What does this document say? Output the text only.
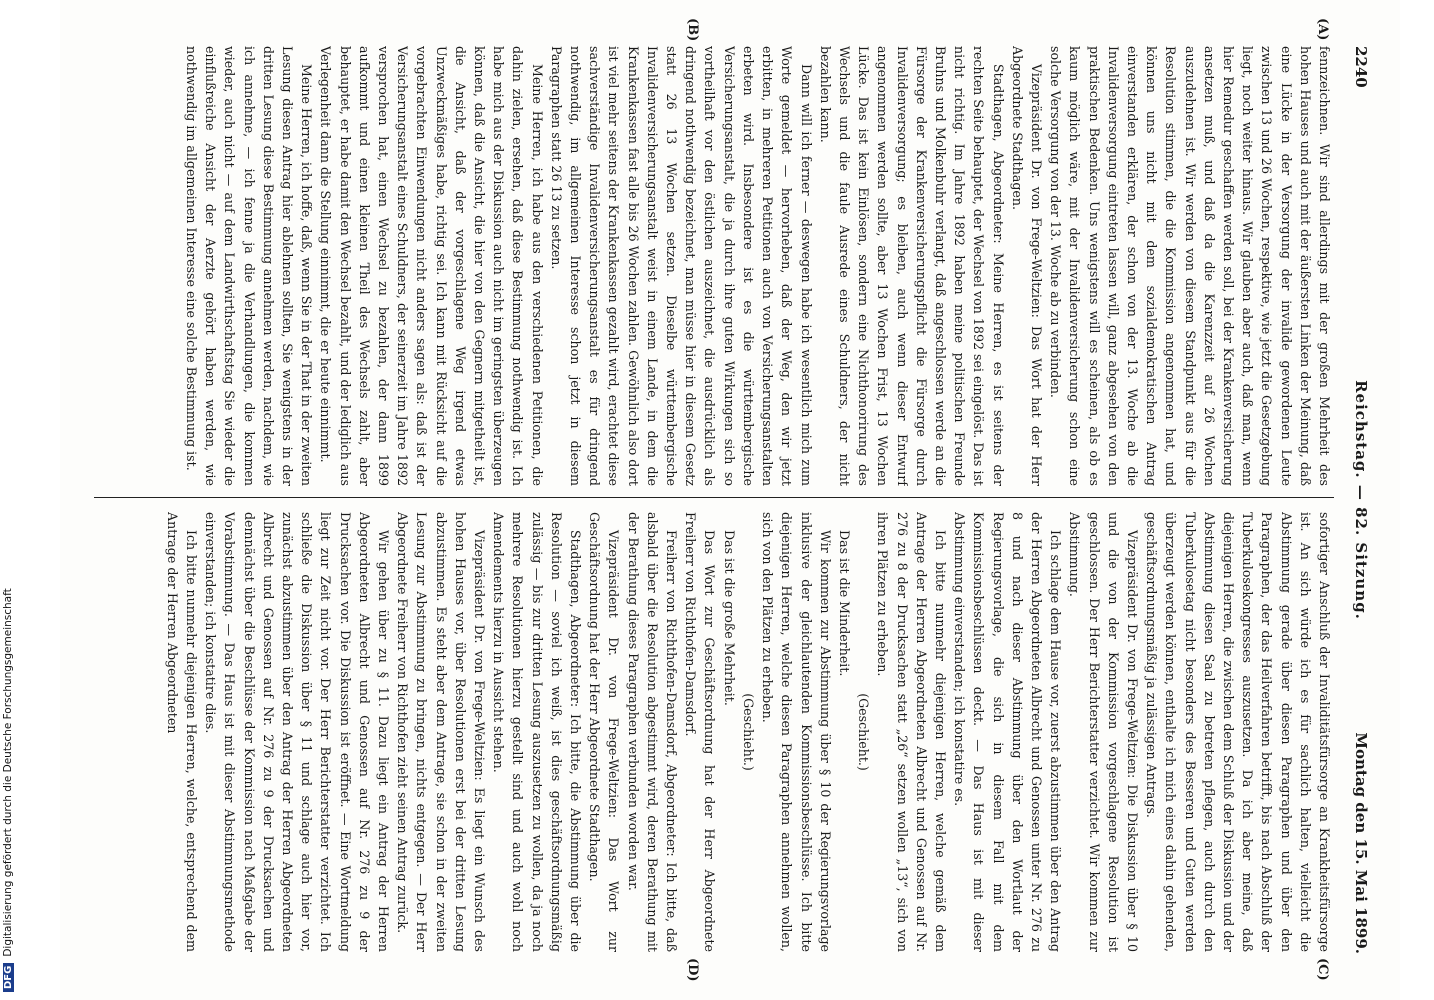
2240
Reichstag. — 82. Sitzung.
Montag den 15. Mai 1899.
(A)
(B)
(C)
(D)

fennzeichnen. Wir sind allerdings mit der großen Mehrheit des hohen Hauses und auch mit der äußersten Linken der Meinung, daß eine Lücke in der Versorgung der invalide gewordenen Leute zwischen 13 und 26 Wochen, respektive, wie jetzt die Gesetzgebung liegt, noch weiter hinaus. Wir glauben aber auch, daß man, wenn hier Remedur geschaffen werden soll, bei der Krankenversicherung ansetzen muß, und daß da die Karenzzeit auf 26 Wochen auszudehnen ist. Wir werden von diesem Standpunkt aus für die Resolution stimmen, die die Kommission angenommen hat, und können uns nicht mit dem sozialdemokratischen Antrag einverstanden erklären, der schon von der 13. Woche ab die Invalidenversorgung eintreten lassen will, ganz abgesehen von den praktischen Bedenken. Uns wenigstens will es scheinen, als ob es kaum möglich wäre, mit der Invalidenversicherung schon eine solche Versorgung von der 13. Woche ab zu verbinden.

Vizepräsident Dr. von Frege-Weltzien: Das Wort hat der Herr Abgeordnete Stadthagen.

Stadthagen, Abgeordneter: Meine Herren, es ist seitens der rechten Seite behauptet, der Wechsel von 1892 sei eingelöst. Das ist nicht richtig. Im Jahre 1892 haben meine politischen Freunde Bruhns und Molkenbuhr verlangt, daß angeschlossen werde an die Fürsorge der Krankenversicherungspflicht die Fürsorge durch Invalidenversorgung; es bleiben, auch wenn dieser Entwurf angenommen werden sollte, aber 13 Wochen Frist, 13 Wochen Lücke. Das ist kein Einlösen, sondern eine Nichthonorirung des Wechsels und die faule Ausrede eines Schuldners, der nicht bezahlen kann.

Dann will ich ferner — deswegen habe ich wesentlich mich zum Worte gemeldet — hervorheben, daß der Weg, den wir jetzt erbitten, in mehreren Petitionen auch von Versicherungsanstalten erbeten wird. Insbesondere ist es die württembergische Versicherungsanstalt, die ja durch ihre guten Wirkungen sich so vortheilhaft vor den östlichen auszeichnet, die ausdrücklich als dringend nothwendig bezeichnet, man müsse hier in diesem Gesetz statt 26 13 Wochen setzen. Dieselbe württembergische Invalidenversicherungsanstalt weist in einem Lande, in dem die Krankenkassen fast alle bis 26 Wochen zahlen. Gewöhnlich also dort ist viel mehr seitens der Krankenkassen gezahlt wird, erachtet diese sachverständige Invalidenversicherungsanstalt es für dringend nothwendig, im allgemeinen Interesse schon jetzt in diesem Paragraphen statt 26 13 zu setzen.

Meine Herren, ich habe aus den verschiedenen Petitionen, die dahin zielen, ersehen, daß diese Bestimmung nothwendig ist. Ich habe mich aus der Diskussion auch nicht im geringsten überzeugen können, daß die Ansicht, die hier von den Gegnern mitgetheilt ist, die Ansicht, daß der vorgeschlagene Weg irgend etwas Unzweckmäßiges habe, richtig sei. Ich kann mit Rücksicht auf die vorgebrachten Einwendungen nicht anders sagen als: daß ist der Versicherungsanstalt eines Schuldners, der seinerzeit im Jahre 1892 versprochen hat, einen Wechsel zu bezahlen, der dann 1899 aufkommt und einen kleinen Theil des Wechsels zahlt, aber behauptet, er habe damit den Wechsel bezahlt, und der lediglich aus Verlegenheit dann die Stellung einnimmt, die er heute einnimmt.

Meine Herren, ich hoffe, daß, wenn Sie in der That in der zweiten Lesung diesen Antrag hier ablehnen sollten, Sie wenigstens in der dritten Lesung diese Bestimmung annehmen werden, nachdem, wie ich annehme, — ich fenne ja die Verhandlungen, die kommen wieder, auch nicht — auf dem Landwirthschaftstag Sie wieder die einflußreiche Ansicht der Aerzte gehört haben werden, wie nothwendig im allgemeinen Interesse eine solche Bestimmung ist.

sofortiger Anschluß der Invaliditätsfürsorge an Krankheitsfürsorge ist. An sich würde ich es für sachlich halten, vielleicht die Abstimmung gerade über diesen Paragraphen und über den Paragraphen, der das Heilverfahren betrifft, bis nach Abschluß der Tuberkulosekongresses auszusetzen. Da ich aber meine, daß diejenigen Herren, die zwischen dem Schluß der Diskussion und der Abstimmung diesen Saal zu betreten pflegen, auch durch den Tuberkulosetag nicht besonders des Besseren und Guten werden überzeugt werden können, enthalte ich mich eines dahin gehenden, geschäftsordnungsmäßig ja zulässigen Antrags.

Vizepräsident Dr. von Frege-Weltzien: Die Diskussion über § 10 und die von der Kommission vorgeschlagene Resolution ist geschlossen. Der Herr Berichterstatter verzichtet. Wir kommen zur Abstimmung.

Ich schlage dem Hause vor, zuerst abzustimmen über den Antrag der Herren Abgeordneten Albrecht und Genossen unter Nr. 276 zu 8 und nach dieser Abstimmung über den Wortlaut der Regierungsvorlage, die sich in diesem Fall mit dem Kommissionsbeschlüssen deckt. — Das Haus ist mit dieser Abstimmung einverstanden; ich konstatire es.

Ich bitte nunmehr diejenigen Herren, welche gemäß dem Antrage der Herren Abgeordneten Albrecht und Genossen auf Nr. 276 zu 8 der Drucksachen statt „26“ setzen wollen „13“, sich von ihren Plätzen zu erheben.

(Geschieht.)

Das ist die Minderheit.

Wir kommen zur Abstimmung über § 10 der Regierungsvorlage inklusive der gleichlautenden Kommissionsbeschlüsse. Ich bitte diejenigen Herren, welche diesen Paragraphen annehmen wollen, sich von den Plätzen zu erheben.

(Geschieht.)

Das ist die große Mehrheit.

Das Wort zur Geschäftsordnung hat der Herr Abgeordnete Freiherr von Richthofen-Damsdorf.

Freiherr von Richthofen-Damsdorf, Abgeordneter: Ich bitte, daß alsbald über die Resolution abgestimmt wird, deren Berathung mit der Berathung dieses Paragraphen verbunden worden war.

Vizepräsident Dr. von Frege-Weltzien: Das Wort zur Geschäftsordnung hat der Herr Abgeordnete Stadthagen.

Stadthagen, Abgeordneter: Ich bitte, die Abstimmung über die Resolution — soviel ich weiß, ist dies geschäftsordnungsmäßig zulässig — bis zur dritten Lesung auszusetzen zu wollen, da ja noch mehrere Resolutionen hierzu gestellt sind und auch wohl noch Amendements hierzu in Aussicht stehen.

Vizepräsident Dr. von Frege-Weltzien: Es liegt ein Wunsch des hohen Hauses vor, über Resolutionen erst bei der dritten Lesung abzustimmen. Es steht aber dem Antrage, sie schon in der zweiten Lesung zur Abstimmung zu bringen, nichts entgegen. — Der Herr Abgeordnete Freiherr von Richthofen zieht seinen Antrag zurück.

Wir gehen über zu § 11. Dazu liegt ein Antrag der Herren Abgeordneten Albrecht und Genossen auf Nr. 276 zu 9 der Drucksachen vor. Die Diskussion ist eröffnet. — Eine Wortmeldung liegt zur Zeit nicht vor. Der Herr Berichterstatter verzichtet. Ich schließe die Diskussion über § 11 und schlage auch hier vor, zunächst abzustimmen über den Antrag der Herren Abgeordneten Albrecht und Genossen auf Nr. 276 zu 9 der Drucksachen und demnächst über die Beschlüsse der Kommission nach Maßgabe der Vorabstimmung. — Das Haus ist mit dieser Abstimmungsmethode einverstanden; ich konstatire dies.

Ich bitte nunmehr diejenigen Herren, welche, entsprechend dem Antrage der Herren Abgeordneten

DFGDigitalisierung gefördert durch die Deutsche Forschungsgemeinschaft
